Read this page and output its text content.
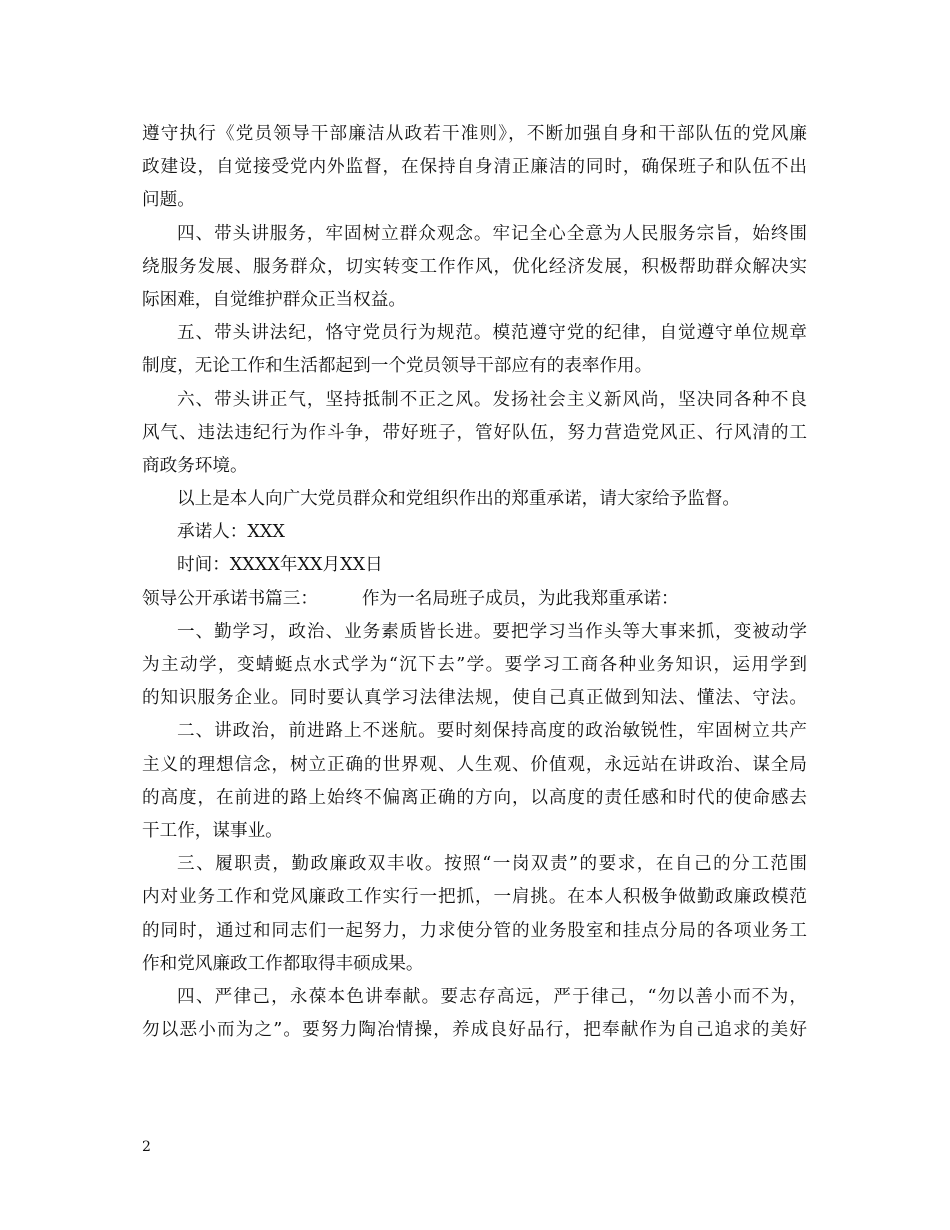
遵守执行《党员领导干部廉洁从政若干准则》，不断加强自身和干部队伍的党风廉
政建设，自觉接受党内外监督，在保持自身清正廉洁的同时，确保班子和队伍不出
问题。
四、带头讲服务，牢固树立群众观念。牢记全心全意为人民服务宗旨，始终围
绕服务发展、服务群众，切实转变工作作风，优化经济发展，积极帮助群众解决实
际困难，自觉维护群众正当权益。
五、带头讲法纪，恪守党员行为规范。模范遵守党的纪律，自觉遵守单位规章
制度，无论工作和生活都起到一个党员领导干部应有的表率作用。
六、带头讲正气，坚持抵制不正之风。发扬社会主义新风尚，坚决同各种不良
风气、违法违纪行为作斗争，带好班子，管好队伍，努力营造党风正、行风清的工
商政务环境。
以上是本人向广大党员群众和党组织作出的郑重承诺，请大家给予监督。
承诺人：XXX
时间：XXXX年XX月XX日
领导公开承诺书篇三：　　　作为一名局班子成员，为此我郑重承诺：
一、勤学习，政治、业务素质皆长进。要把学习当作头等大事来抓，变被动学
为主动学，变蜻蜓点水式学为“沉下去”学。要学习工商各种业务知识，运用学到
的知识服务企业。同时要认真学习法律法规，使自己真正做到知法、懂法、守法。
二、讲政治，前进路上不迷航。要时刻保持高度的政治敏锐性，牢固树立共产
主义的理想信念，树立正确的世界观、人生观、价值观，永远站在讲政治、谋全局
的高度，在前进的路上始终不偏离正确的方向，以高度的责任感和时代的使命感去
干工作，谋事业。
三、履职责，勤政廉政双丰收。按照“一岗双责”的要求，在自己的分工范围
内对业务工作和党风廉政工作实行一把抓，一肩挑。在本人积极争做勤政廉政模范
的同时，通过和同志们一起努力，力求使分管的业务股室和挂点分局的各项业务工
作和党风廉政工作都取得丰硕成果。
四、严律己，永葆本色讲奉献。要志存高远，严于律己，“勿以善小而不为，
勿以恶小而为之”。要努力陶冶情操，养成良好品行，把奉献作为自己追求的美好
2
